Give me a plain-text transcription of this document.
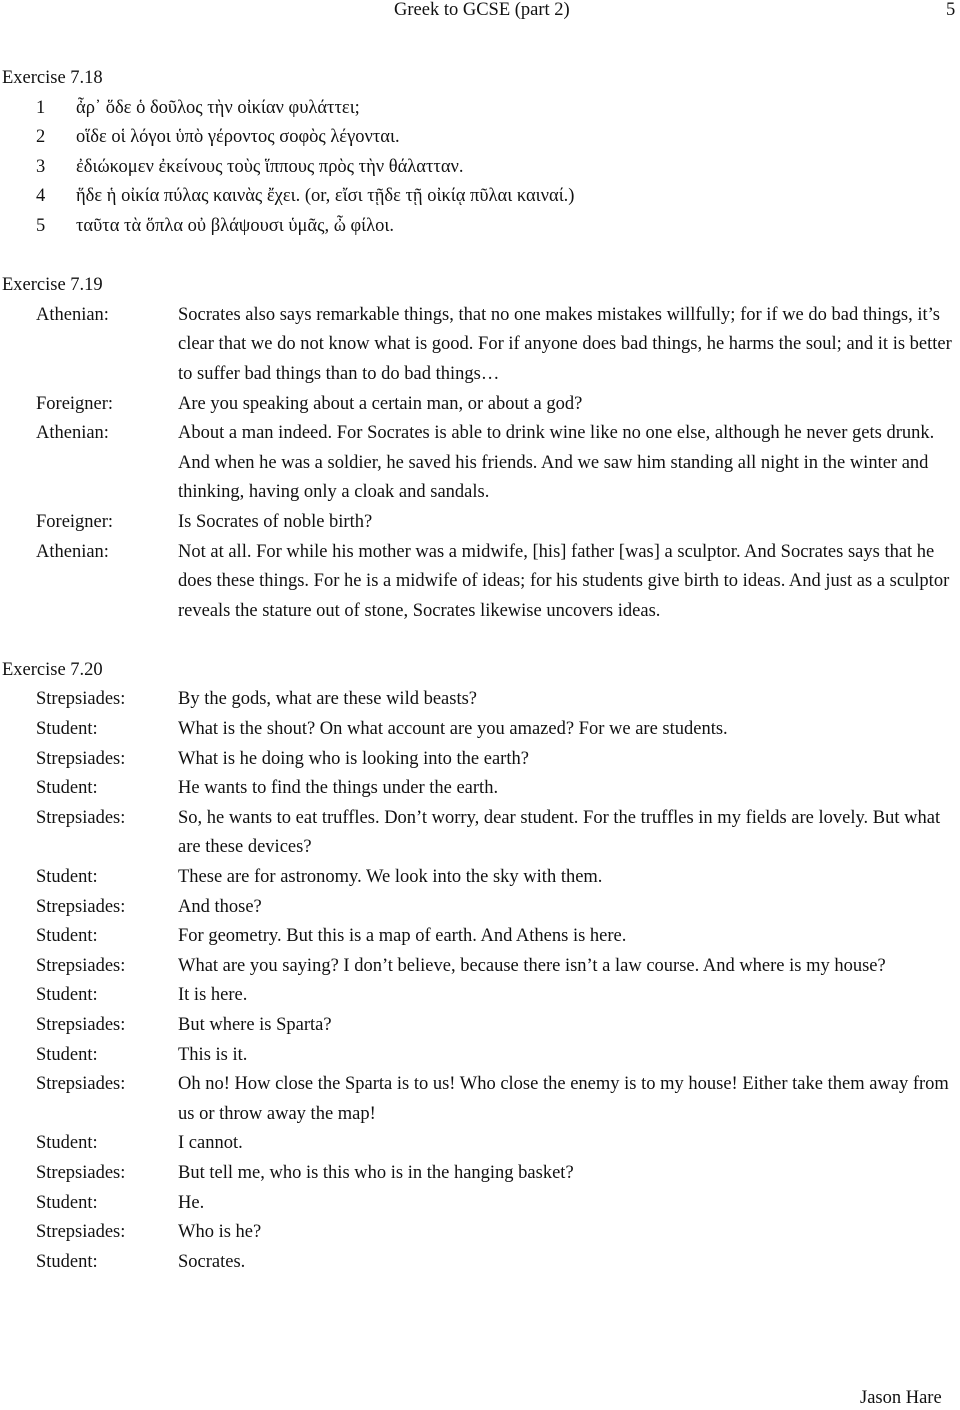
Greek to GCSE (part 2)	5
Exercise 7.18
1	ἆρ᾽ ὅδε ὁ δοῦλος τὴν οἰκίαν φυλάττει;
2	οἵδε οἱ λόγοι ὑπὸ γέροντος σοφὸς λέγονται.
3	ἐδιώκομεν ἐκείνους τοὺς ἵππους πρὸς τὴν θάλατταν.
4	ἥδε ἡ οἰκία πύλας καινὰς ἔχει. (or, εἴσι τῇδε τῇ οἰκίᾳ πῦλαι καιναί.)
5	ταῦτα τὰ ὅπλα οὐ βλάψουσι ὑμᾶς, ὦ φίλοι.
Exercise 7.19
Athenian:	Socrates also says remarkable things, that no one makes mistakes willfully; for if we do bad things, it’s clear that we do not know what is good. For if anyone does bad things, he harms the soul; and it is better to suffer bad things than to do bad things…
Foreigner:	Are you speaking about a certain man, or about a god?
Athenian:	About a man indeed. For Socrates is able to drink wine like no one else, although he never gets drunk. And when he was a soldier, he saved his friends. And we saw him standing all night in the winter and thinking, having only a cloak and sandals.
Foreigner:	Is Socrates of noble birth?
Athenian:	Not at all. For while his mother was a midwife, [his] father [was] a sculptor. And Socrates says that he does these things. For he is a midwife of ideas; for his students give birth to ideas. And just as a sculptor reveals the stature out of stone, Socrates likewise uncovers ideas.
Exercise 7.20
Strepsiades:	By the gods, what are these wild beasts?
Student:	What is the shout? On what account are you amazed? For we are students.
Strepsiades:	What is he doing who is looking into the earth?
Student:	He wants to find the things under the earth.
Strepsiades:	So, he wants to eat truffles. Don’t worry, dear student. For the truffles in my fields are lovely. But what are these devices?
Student:	These are for astronomy. We look into the sky with them.
Strepsiades:	And those?
Student:	For geometry. But this is a map of earth. And Athens is here.
Strepsiades:	What are you saying? I don’t believe, because there isn’t a law course. And where is my house?
Student:	It is here.
Strepsiades:	But where is Sparta?
Student:	This is it.
Strepsiades:	Oh no! How close the Sparta is to us! Who close the enemy is to my house! Either take them away from us or throw away the map!
Student:	I cannot.
Strepsiades:	But tell me, who is this who is in the hanging basket?
Student:	He.
Strepsiades:	Who is he?
Student:	Socrates.
Jason Hare
